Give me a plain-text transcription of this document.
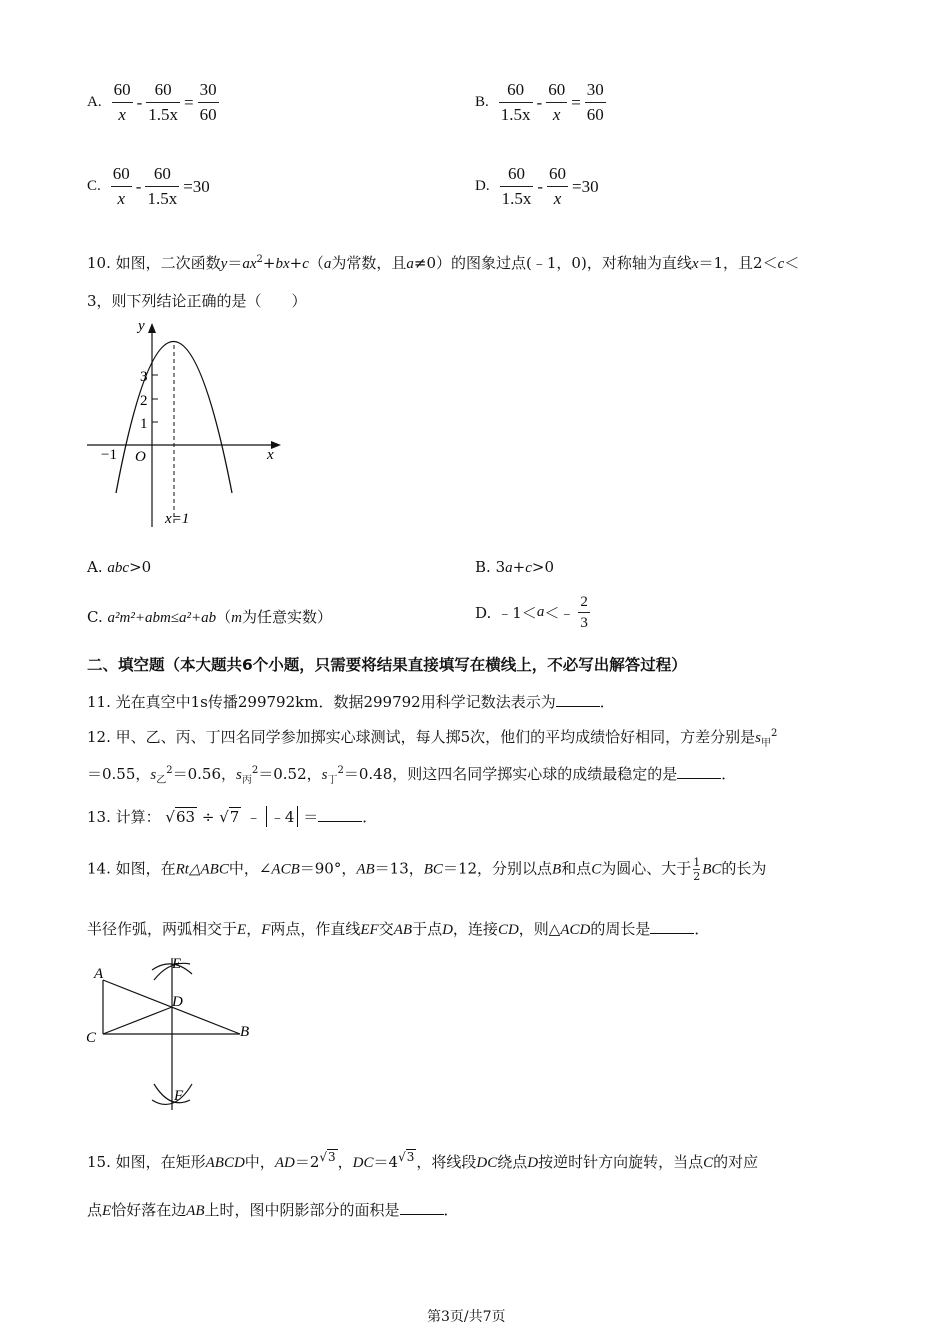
A. $\frac{60}{x} - \frac{60}{1.5x} = \frac{30}{60}$	B. $\frac{60}{1.5x} - \frac{60}{x} = \frac{30}{60}$
C. $\frac{60}{x} - \frac{60}{1.5x} =30$	D. $\frac{60}{1.5x} - \frac{60}{x} =30$
10. 如图，二次函数$y=ax^2+bx+c(a$为常数，且a≠0）的图象过点(﹣1，0)，对称轴为直线x＝1，且2＜c＜
3，则下列结论正确的是（　　）
y
x
O
−1
3
2
1
x=1
A. abc>0	B. 3a+c>0
C. a²m²+abm≤a²+ab（m为任意实数）	D. ﹣1＜ a ＜﹣ $\frac{2}{3}$
二、填空题（本大题共6个小题，只需要将结果直接填写在横线上，不必写出解答过程）
11. 光在真空中1s传播299792km．数据299792用科学记数法表示为	．
12. 甲、乙、丙、丁四名同学参加掷实心球测试，每人掷5次，他们的平均成绩恰好相同，方差分别是$s_甲^2$
＝0.55，$s_乙^2=0.56$，$s_丙^2=0.52$，$s_丁^2=0.48$，则这四名同学掷实心球的成绩最稳定的是	．
13. 计算： √63 ÷ √7 ﹣ ﹣4 ＝	．
14. 如图，在Rt△ABC中，∠ACB＝90°，AB＝13，BC＝12，分别以点B和点C为圆心、大于 $\frac{1}{2}$ BC的长为
半径作弧，两弧相交于E，F两点，作直线EF交AB于点D，连接CD，则△ACD的周长是	．
A
E
D
C	B
F
15. 如图，在矩形ABCD中，$AD=2^{√3}$ ，$DC=4^{√3}$ ，将线段DC绕点D按逆时针方向旋转，当点C的对应
点E恰好落在边AB上时，图中阴影部分的面积是	．
第3页/共7页
